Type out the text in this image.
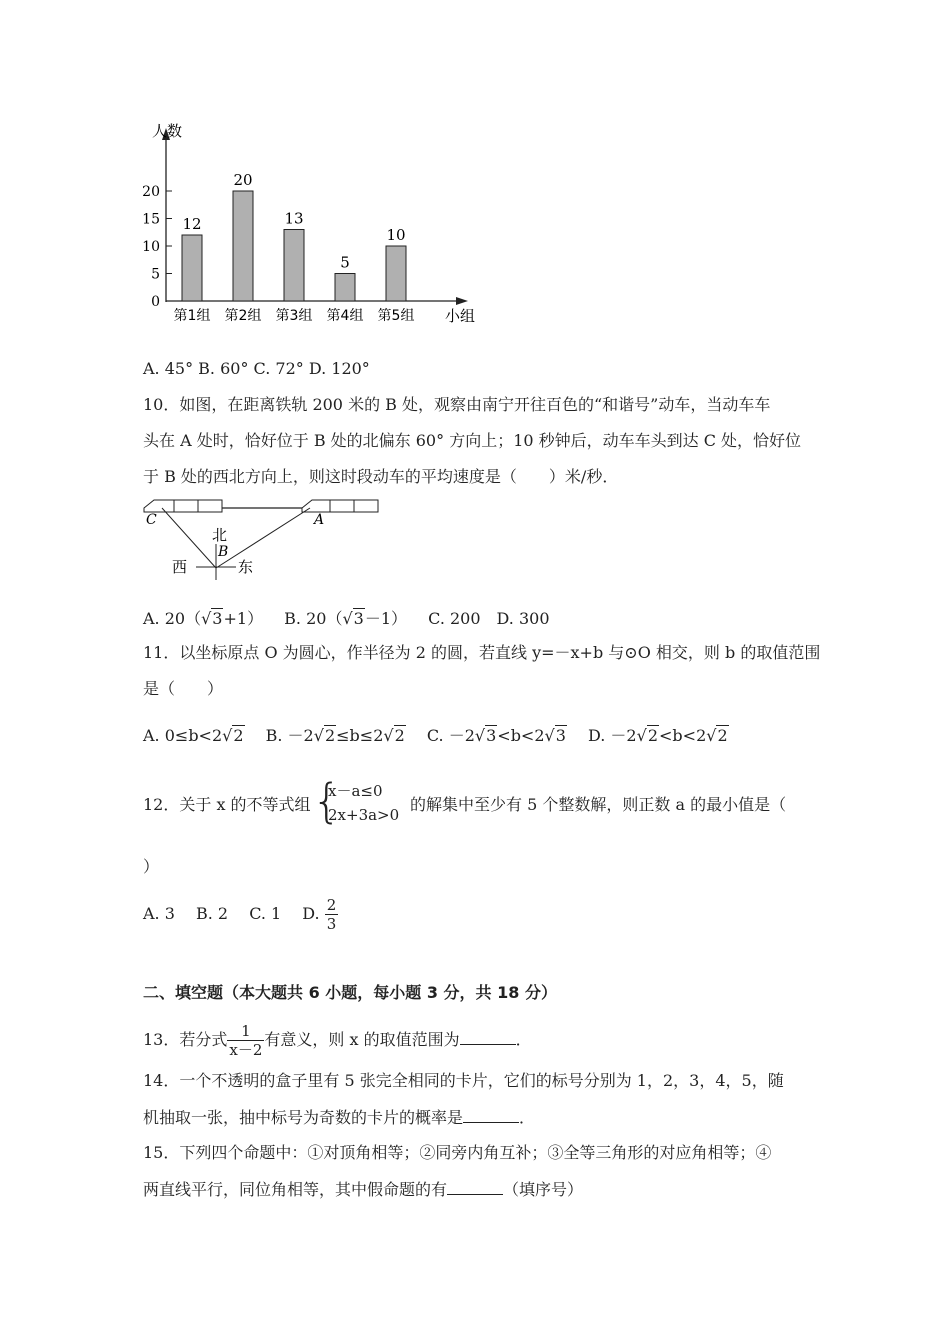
人数
小组
0
5
10
15
20
12
第1组
20
第2组
13
第3组
5
第4组
10
第5组
A. 45° B. 60° C. 72° D. 120°
10．如图，在距离铁轨 200 米的 B 处，观察由南宁开往百色的“和谐号”动车，当动车车
头在 A 处时，恰好位于 B 处的北偏东 60° 方向上；10 秒钟后，动车车头到达 C 处，恰好位
于 B 处的西北方向上，则这时段动车的平均速度是（　　）米/秒．
C	A
北
B
西	东
A. 20（√3+1） 　 B. 20（√3－1） 　 C. 200　D. 300
11．以坐标原点 O 为圆心，作半径为 2 的圆，若直线 y=－x+b 与⊙O 相交，则 b 的取值范围
是（　　）
A. 0≤b<2√2 　 B. －2√2≤b≤2√2 　 C. －2√3<b<2√3 　 D. －2√2<b<2√2
12．关于 x 的不等式组 {
x－a≤0
2x+3a>0
的解集中至少有 5 个整数解，则正数 a 的最小值是（
）
A. 3　 B. 2　 C. 1　 D. $\frac{2}{3}$
二、填空题（本大题共 6 小题，每小题 3 分，共 18 分）
13．若分式 $\frac{1}{x-2}$ 有意义，则 x 的取值范围为	．
14．一个不透明的盒子里有 5 张完全相同的卡片，它们的标号分别为 1，2，3，4，5，随
机抽取一张，抽中标号为奇数的卡片的概率是	．
15．下列四个命题中：①对顶角相等；②同旁内角互补；③全等三角形的对应角相等；④
两直线平行，同位角相等，其中假命题的有	（填序号）
